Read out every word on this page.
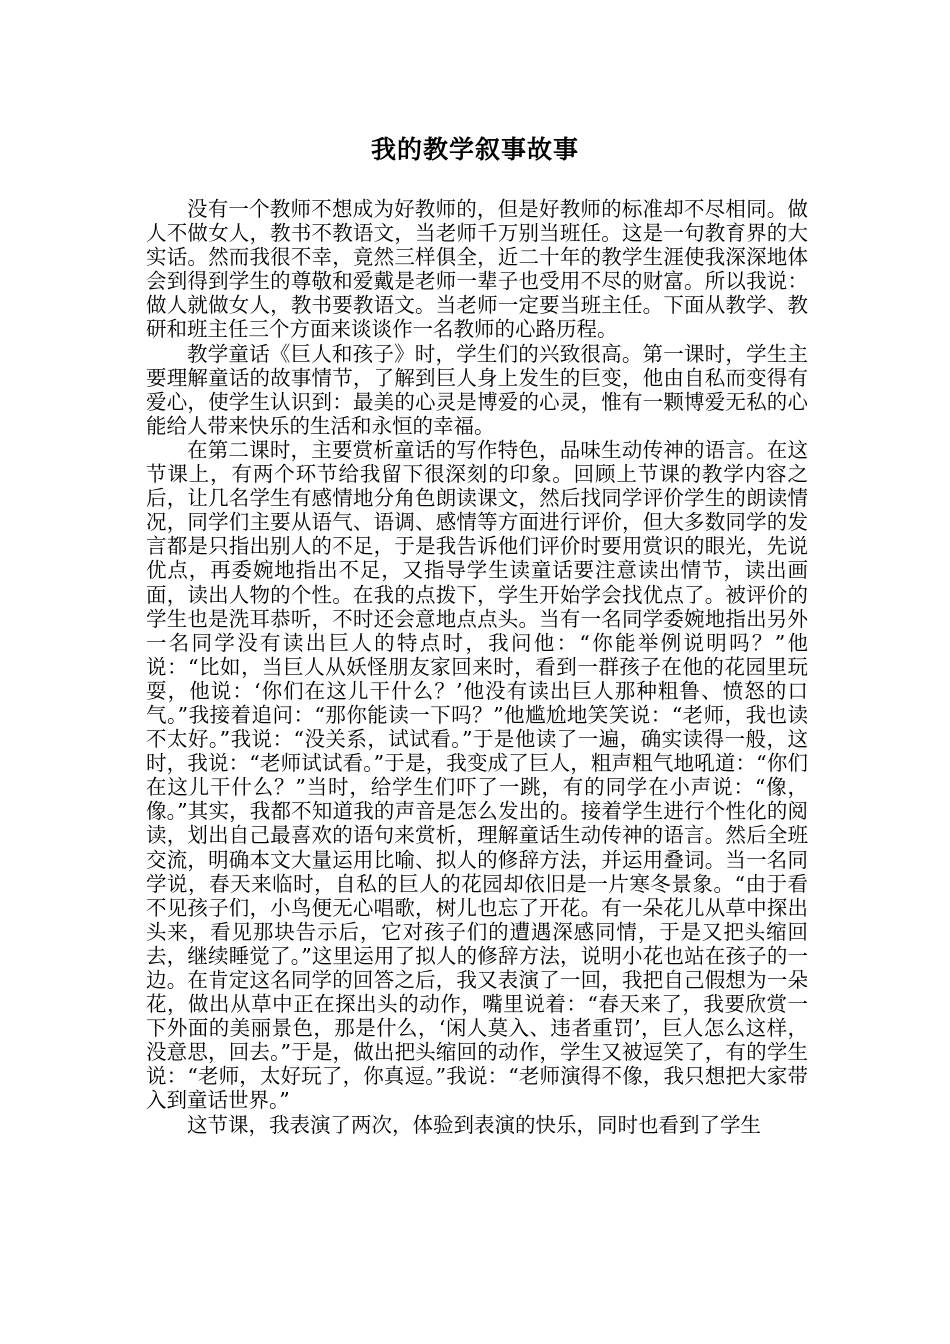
我的教学叙事故事

没有一个教师不想成为好教师的，但是好教师的标准却不尽相同。做人不做女人，教书不教语文，当老师千万别当班任。这是一句教育界的大实话。然而我很不幸，竟然三样俱全，近二十年的教学生涯使我深深地体会到得到学生的尊敬和爱戴是老师一辈子也受用不尽的财富。所以我说：做人就做女人，教书要教语文。当老师一定要当班主任。下面从教学、教研和班主任三个方面来谈谈作一名教师的心路历程。

教学童话《巨人和孩子》时，学生们的兴致很高。第一课时，学生主要理解童话的故事情节，了解到巨人身上发生的巨变，他由自私而变得有爱心，使学生认识到：最美的心灵是博爱的心灵，惟有一颗博爱无私的心能给人带来快乐的生活和永恒的幸福。

在第二课时，主要赏析童话的写作特色，品味生动传神的语言。在这节课上，有两个环节给我留下很深刻的印象。回顾上节课的教学内容之后，让几名学生有感情地分角色朗读课文，然后找同学评价学生的朗读情况，同学们主要从语气、语调、感情等方面进行评价，但大多数同学的发言都是只指出别人的不足，于是我告诉他们评价时要用赏识的眼光，先说优点，再委婉地指出不足，又指导学生读童话要注意读出情节，读出画面，读出人物的个性。在我的点拨下，学生开始学会找优点了。被评价的学生也是洗耳恭听，不时还会意地点点头。当有一名同学委婉地指出另外一名同学没有读出巨人的特点时，我问他：“你能举例说明吗？”他说：“比如，当巨人从妖怪朋友家回来时，看到一群孩子在他的花园里玩耍，他说：‘你们在这儿干什么？’他没有读出巨人那种粗鲁、愤怒的口气。”我接着追问：“那你能读一下吗？”他尴尬地笑笑说：“老师，我也读不太好。”我说：“没关系，试试看。”于是他读了一遍，确实读得一般，这时，我说：“老师试试看。”于是，我变成了巨人，粗声粗气地吼道：“你们在这儿干什么？”当时，给学生们吓了一跳，有的同学在小声说：“像，像。”其实，我都不知道我的声音是怎么发出的。接着学生进行个性化的阅读，划出自己最喜欢的语句来赏析，理解童话生动传神的语言。然后全班交流，明确本文大量运用比喻、拟人的修辞方法，并运用叠词。当一名同学说，春天来临时，自私的巨人的花园却依旧是一片寒冬景象。“由于看不见孩子们，小鸟便无心唱歌，树儿也忘了开花。有一朵花儿从草中探出头来，看见那块告示后，它对孩子们的遭遇深感同情，于是又把头缩回去，继续睡觉了。”这里运用了拟人的修辞方法，说明小花也站在孩子的一边。在肯定这名同学的回答之后，我又表演了一回，我把自己假想为一朵花，做出从草中正在探出头的动作，嘴里说着：“春天来了，我要欣赏一下外面的美丽景色，那是什么，‘闲人莫入、违者重罚’，巨人怎么这样，没意思，回去。”于是，做出把头缩回的动作，学生又被逗笑了，有的学生说：“老师，太好玩了，你真逗。”我说：“老师演得不像，我只想把大家带入到童话世界。”

这节课，我表演了两次，体验到表演的快乐，同时也看到了学生
